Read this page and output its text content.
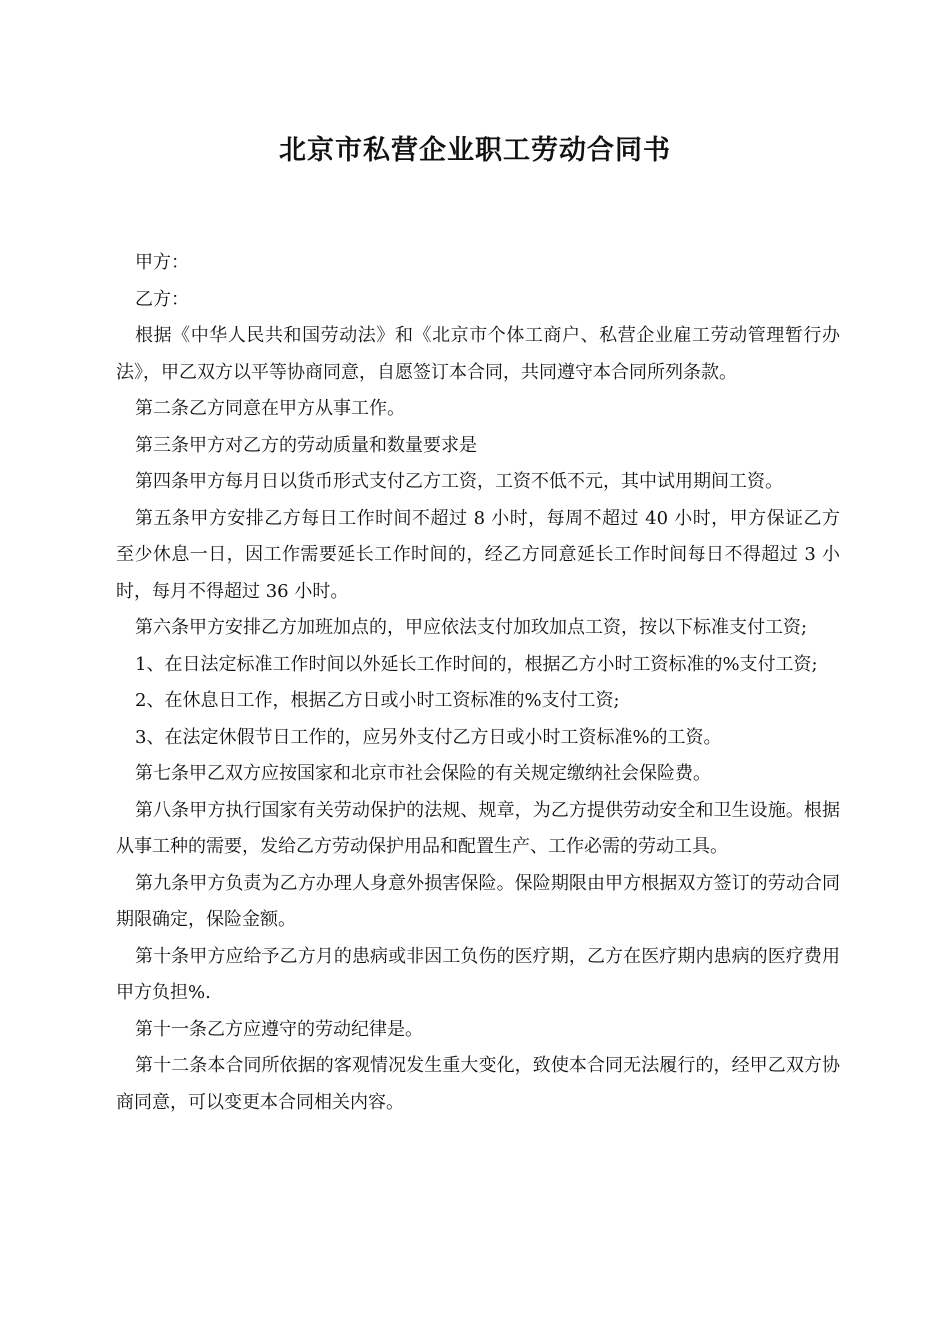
北京市私营企业职工劳动合同书

甲方：

乙方：

根据《中华人民共和国劳动法》和《北京市个体工商户、私营企业雇工劳动管理暂行办法》，甲乙双方以平等协商同意，自愿签订本合同，共同遵守本合同所列条款。

第二条乙方同意在甲方从事工作。

第三条甲方对乙方的劳动质量和数量要求是

第四条甲方每月日以货币形式支付乙方工资，工资不低不元，其中试用期间工资。

第五条甲方安排乙方每日工作时间不超过 8 小时，每周不超过 40 小时，甲方保证乙方至少休息一日，因工作需要延长工作时间的，经乙方同意延长工作时间每日不得超过 3 小时，每月不得超过 36 小时。

第六条甲方安排乙方加班加点的，甲应依法支付加玫加点工资，按以下标准支付工资;

1、在日法定标准工作时间以外延长工作时间的，根据乙方小时工资标准的%支付工资;

2、在休息日工作，根据乙方日或小时工资标准的%支付工资;

3、在法定休假节日工作的，应另外支付乙方日或小时工资标准%的工资。

第七条甲乙双方应按国家和北京市社会保险的有关规定缴纳社会保险费。

第八条甲方执行国家有关劳动保护的法规、规章，为乙方提供劳动安全和卫生设施。根据从事工种的需要，发给乙方劳动保护用品和配置生产、工作必需的劳动工具。

第九条甲方负责为乙方办理人身意外损害保险。保险期限由甲方根据双方签订的劳动合同期限确定，保险金额。

第十条甲方应给予乙方月的患病或非因工负伤的医疗期，乙方在医疗期内患病的医疗费用甲方负担%.

第十一条乙方应遵守的劳动纪律是。

第十二条本合同所依据的客观情况发生重大变化，致使本合同无法履行的，经甲乙双方协商同意，可以变更本合同相关内容。
